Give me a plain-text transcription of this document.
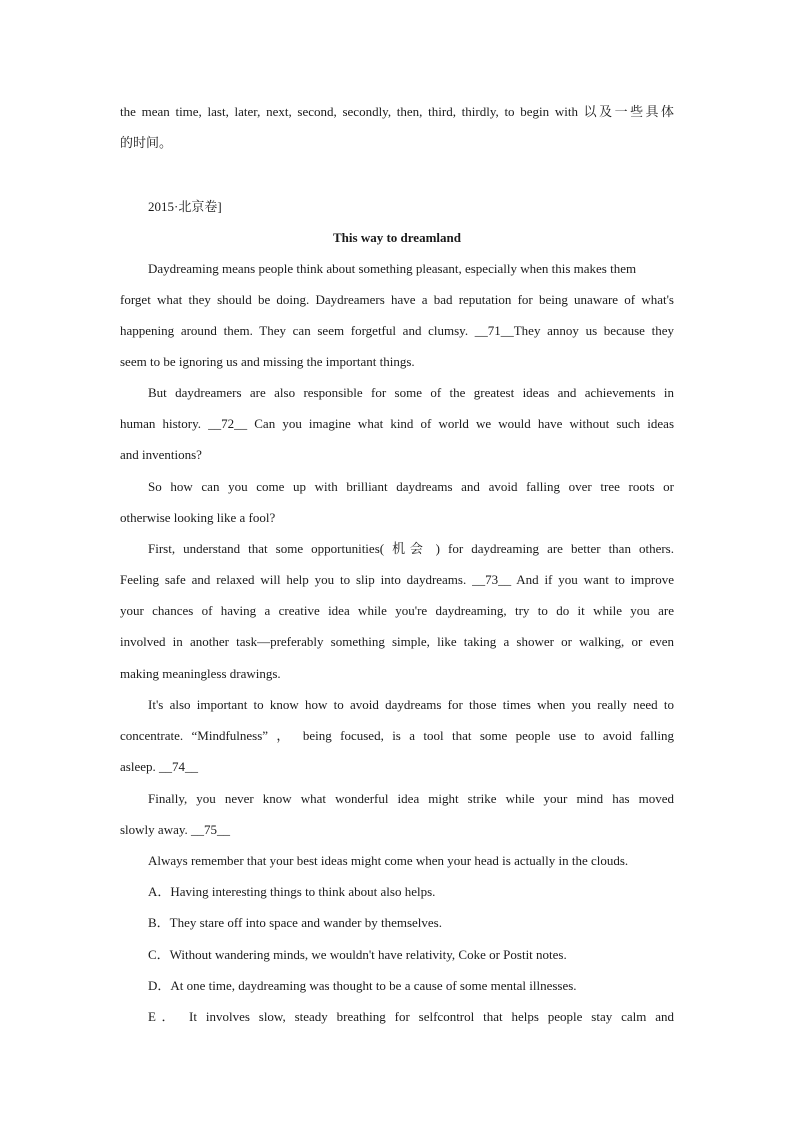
the mean time, last, later, next, second, secondly, then, third, thirdly, to begin with 以及一些具体
的时间。
2015·北京卷]
This way to dreamland
Daydreaming means people think about something pleasant, especially when this makes them
forget what they should be doing. Daydreamers have a bad reputation for being unaware of what's
happening around them. They can seem forgetful and clumsy. __71__They annoy us because they
seem to be ignoring us and missing the important things.
But daydreamers are also responsible for some of the greatest ideas and achievements in
human history. __72__ Can you imagine what kind of world we would have without such ideas
and inventions?
So how can you come up with brilliant daydreams and avoid falling over tree roots or
otherwise looking like a fool?
First, understand that some opportunities( 机会 ) for daydreaming are better than others.
Feeling safe and relaxed will help you to slip into daydreams. __73__ And if you want to improve
your chances of having a creative idea while you're daydreaming, try to do it while you are
involved in another task—preferably something simple, like taking a shower or walking, or even
making meaningless drawings.
It's also important to know how to avoid daydreams for those times when you really need to
concentrate. “Mindfulness” ， being focused, is a tool that some people use to avoid falling
asleep. __74__
Finally, you never know what wonderful idea might strike while your mind has moved
slowly away. __75__
Always remember that your best ideas might come when your head is actually in the clouds.
A．Having interesting things to think about also helps.
B．They stare off into space and wander by themselves.
C．Without wandering minds, we wouldn't have relativity, Coke or Postit notes.
D．At one time, daydreaming was thought to be a cause of some mental illnesses.
E． It involves slow, steady breathing for selfcontrol that helps people stay calm and
